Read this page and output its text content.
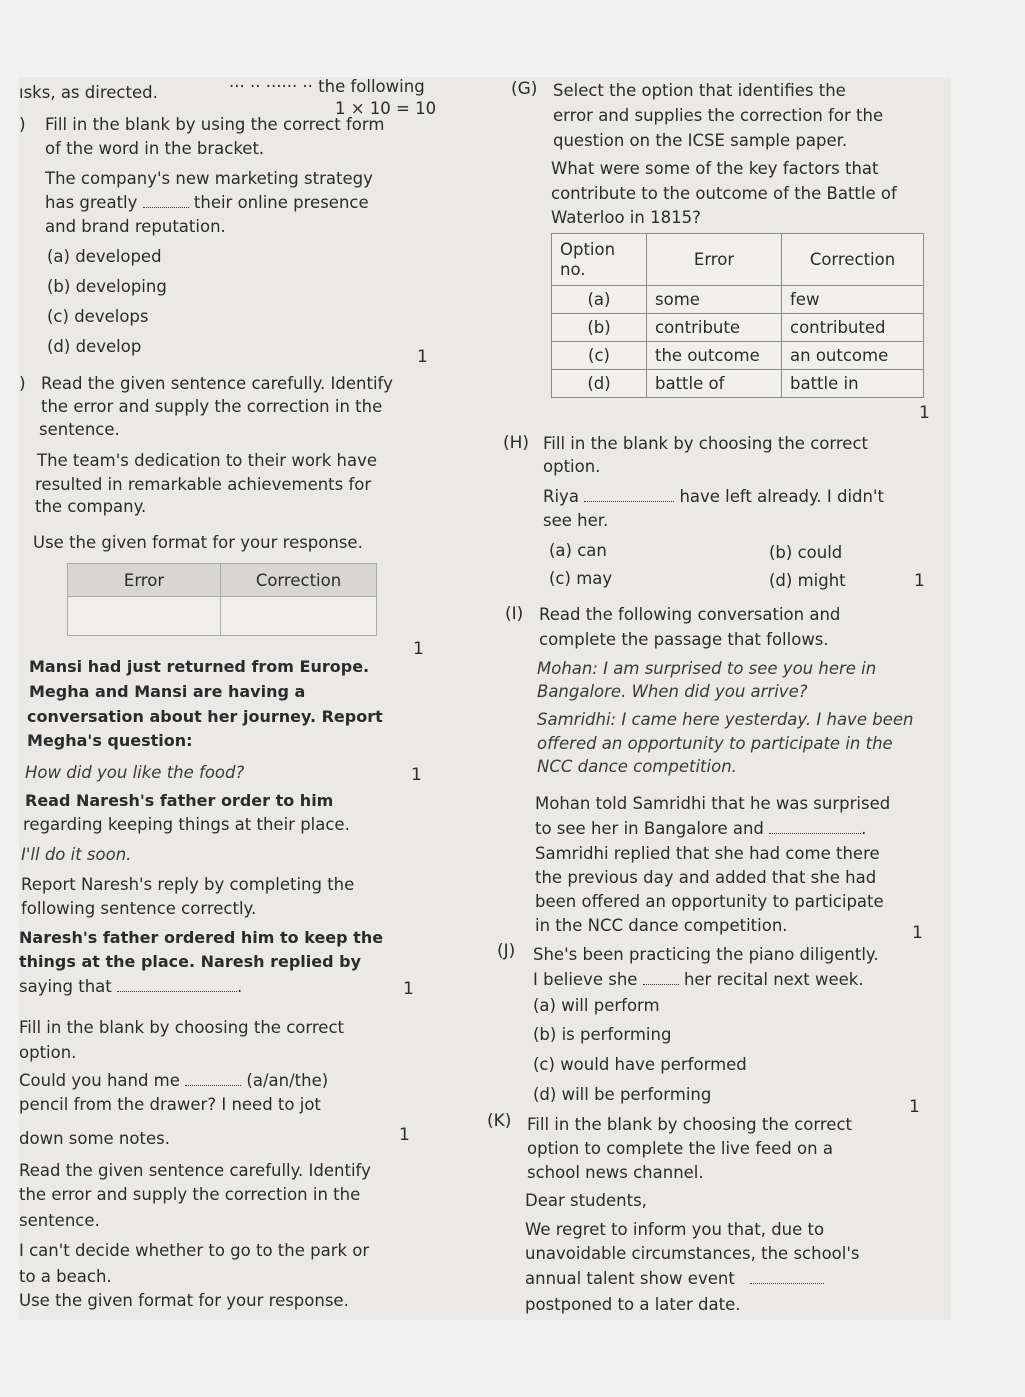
ısks, as directed.	··· ·· ······ ·· the following
1 × 10 = 10
) Fill in the blank by using the correct form
of the word in the bracket.
The company's new marketing strategy
has greatly	their online presence
and brand reputation.
(a) developed
(b) developing
(c) develops
(d) develop
1
) Read the given sentence carefully. Identify
the error and supply the correction in the
sentence.
The team's dedication to their work have
resulted in remarkable achievements for
the company.
Use the given format for your response.
Error	Correction

1
Mansi had just returned from Europe.
Megha and Mansi are having a
conversation about her journey. Report
Megha's question:
How did you like the food?	1
Read Naresh's father order to him
regarding keeping things at their place.
I'll do it soon.
Report Naresh's reply by completing the
following sentence correctly.
Naresh's father ordered him to keep the
things at the place. Naresh replied by
saying that	.	1
Fill in the blank by choosing the correct
option.
Could you hand me	(a/an/the)
pencil from the drawer? I need to jot
down some notes.	1
Read the given sentence carefully. Identify
the error and supply the correction in the
sentence.
I can't decide whether to go to the park or
to a beach.
Use the given format for your response.
(G) Select the option that identifies the
error and supplies the correction for the
question on the ICSE sample paper.
What were some of the key factors that
contribute to the outcome of the Battle of
Waterloo in 1815?
Option no.	Error	Correction
(a)	some	few
(b)	contribute	contributed
(c)	the outcome	an outcome
(d)	battle of	battle in
1
(H) Fill in the blank by choosing the correct
option.
Riya	have left already. I didn't
see her.
(a) can	(b) could
(c) may	(d) might	1
(I) Read the following conversation and
complete the passage that follows.
Mohan: I am surprised to see you here in
Bangalore. When did you arrive?
Samridhi: I came here yesterday. I have been
offered an opportunity to participate in the
NCC dance competition.
Mohan told Samridhi that he was surprised
to see her in Bangalore and	.
Samridhi replied that she had come there
the previous day and added that she had
been offered an opportunity to participate
in the NCC dance competition.	1
(J) She's been practicing the piano diligently.
I believe she	her recital next week.
(a) will perform
(b) is performing
(c) would have performed
(d) will be performing
1
(K) Fill in the blank by choosing the correct
option to complete the live feed on a
school news channel.
Dear students,
We regret to inform you that, due to
unavoidable circumstances, the school's
annual talent show event
postponed to a later date.
